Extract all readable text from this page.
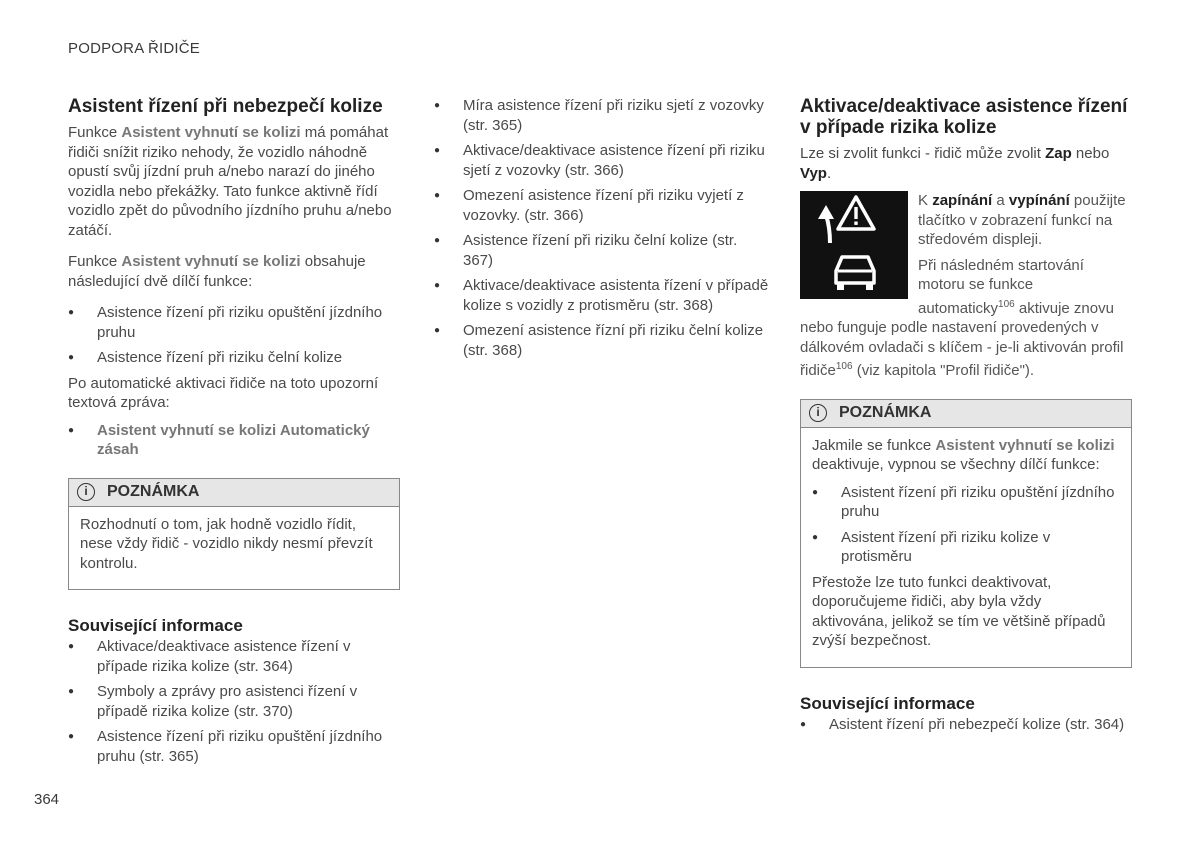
PODPORA ŘIDIČE
Asistent řízení při nebezpečí kolize

Funkce Asistent vyhnutí se kolizi má pomáhat řidiči snížit riziko nehody, že vozidlo náhodně opustí svůj jízdní pruh a/nebo narazí do jiného vozidla nebo překážky. Tato funkce aktivně řídí vozidlo zpět do původního jízdního pruhu a/nebo zatáčí.

Funkce Asistent vyhnutí se kolizi obsahuje následující dvě dílčí funkce:

● Asistence řízení při riziku opuštění jízdního pruhu
● Asistence řízení při riziku čelní kolize

Po automatické aktivaci řidiče na toto upozorní textová zpráva:

● Asistent vyhnutí se kolizi Automatický zásah
i	POZNÁMKA

Rozhodnutí o tom, jak hodně vozidlo řídit, nese vždy řidič - vozidlo nikdy nesmí převzít kontrolu.

Související informace
● Aktivace/deaktivace asistence řízení v případe rizika kolize (str. 364)
● Symboly a zprávy pro asistenci řízení v případě rizika kolize (str. 370)
● Asistence řízení při riziku opuštění jízdního pruhu (str. 365)
● Míra asistence řízení při riziku sjetí z vozovky (str. 365)
● Aktivace/deaktivace asistence řízení při riziku sjetí z vozovky (str. 366)
● Omezení asistence řízení při riziku vyjetí z vozovky. (str. 366)
● Asistence řízení při riziku čelní kolize (str. 367)
● Aktivace/deaktivace asistenta řízení v případě kolize s vozidly z protisměru (str. 368)
● Omezení asistence řízní při riziku čelní kolize (str. 368)
Aktivace/deaktivace asistence řízení v případe rizika kolize

Lze si zvolit funkci - řidič může zvolit Zap nebo Vyp.

K zapínání a vypínání použijte tlačítko v zobrazení funkcí na středovém displeji.

Při následném startování motoru se funkce automaticky$^{106}$ aktivuje znovu nebo funguje podle nastavení provedených v dálkovém ovladači s klíčem - je-li aktivován profil řidiče$^{106}$ (viz kapitola "Profil řidiče").

i	POZNÁMKA

Jakmile se funkce Asistent vyhnutí se kolizi deaktivuje, vypnou se všechny dílčí funkce:

● Asistent řízení při riziku opuštění jízdního pruhu
● Asistent řízení při riziku kolize v protisměru

Přestože lze tuto funkci deaktivovat, doporučujeme řidiči, aby byla vždy aktivována, jelikož se tím ve většině případů zvýší bezpečnost.

Související informace
● Asistent řízení při nebezpečí kolize (str. 364)
364
